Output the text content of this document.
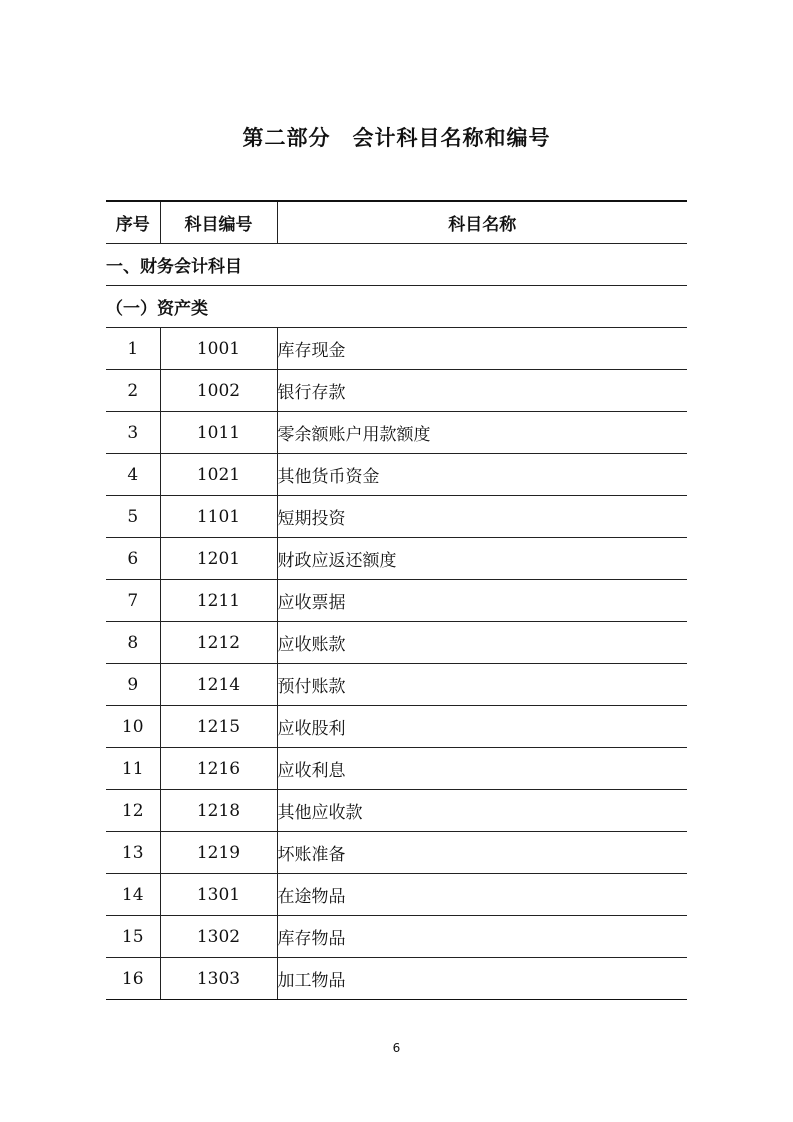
第二部分　会计科目名称和编号
序号	科目编号	科目名称
一、财务会计科目		
（一）资产类		
1	1001	库存现金
2	1002	银行存款
3	1011	零余额账户用款额度
4	1021	其他货币资金
5	1101	短期投资
6	1201	财政应返还额度
7	1211	应收票据
8	1212	应收账款
9	1214	预付账款
10	1215	应收股利
11	1216	应收利息
12	1218	其他应收款
13	1219	坏账准备
14	1301	在途物品
15	1302	库存物品
16	1303	加工物品
6
